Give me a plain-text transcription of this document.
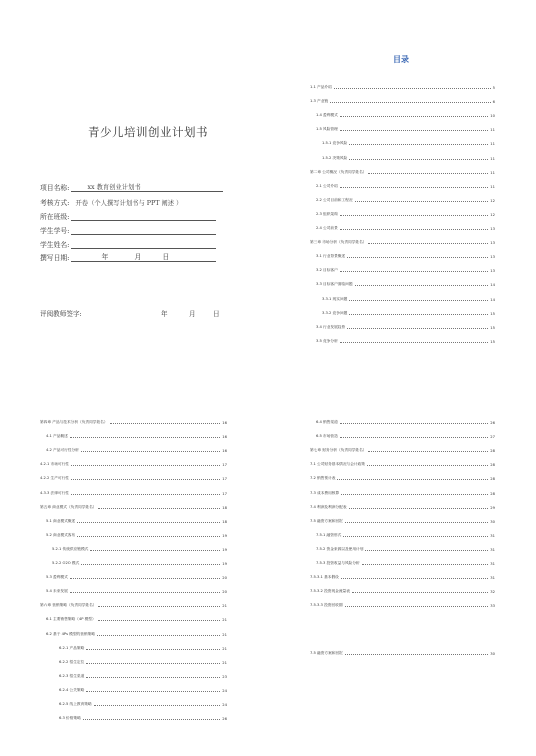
青少儿培训创业计划书
项目名称:	xx 教育创业计划书
考核方式: 开卷（个人撰写计划书与 PPT 阐述 ）
所在班级:
学生学号:
学生姓名:
撰写日期:	年	月	日
评阅教师签字:	年	月	日
目录
1.1 产品介绍	5
1.3 产业链	6
1.4 盈利模式	10
1.5 风险管理	11
1.5.1 竞争风险	11
1.5.2 决策风险	11
第二章 公司概况（负责同学姓名）	11
2.1 公司介绍	11
2.2 公司目前和工程况	12
2.3 组织架构	12
2.4 公司前景	13
第三章 市场分析（负责同学姓名）	13
3.1 行业背景概述	13
3.2 目标客户	13
3.3 目标客户面临问题	14
3.3.1 现实问题	14
3.3.2 竞争问题	15
3.4 行业发展趋势	15
3.5 竞争分析	15
第四章 产品与技术分析（负责同学姓名）	16
4.1 产品概述	16
4.2 产品可行性分析	16
4.2.1 市场可行性	17
4.2.2 生产可行性	17
4.3.3 法律可行性	17
第五章 商业模式（负责同学姓名）	18
5.1 商业模式概述	18
5.2 商业模式客布	19
5.2.1 传统供应链模式	19
5.2.2 O2O 模式	19
5.3 盈利模式	20
5.4 未来发展	20
第六章 营销策略（负责同学姓名）	21
6.1 主要销售策略（4P 模型）	21
6.2 基于 4Ps 模型的营销策略	21
6.2.1 产品策略	21
6.2.2 招生定位	21
6.2.3 招生渠道	23
6.2.4 公关策略	24
6.2.5 线上教育策略	24
6.3 价格策略	26
6.4 销售渠道	26
6.5 市场营造	27
第七章 财务分析（负责同学姓名）	28
7.1 公司财务基本情况与会计政策	28
7.2 销售预计表	28
7.3 成本费用核算	28
7.4 利润及利润分配表	29
7.5 融资方案和回报	30
7.5.1 融资形式	31
7.5.2 资金来源以及使用计划	31
7.5.3 投资收益与风险分析	31
7.5.3.1 基本假设	31
7.5.3.2 投资现金流量表	32
7.5.3.3 投资回收期	33
7.5 融资方案和回报	30
